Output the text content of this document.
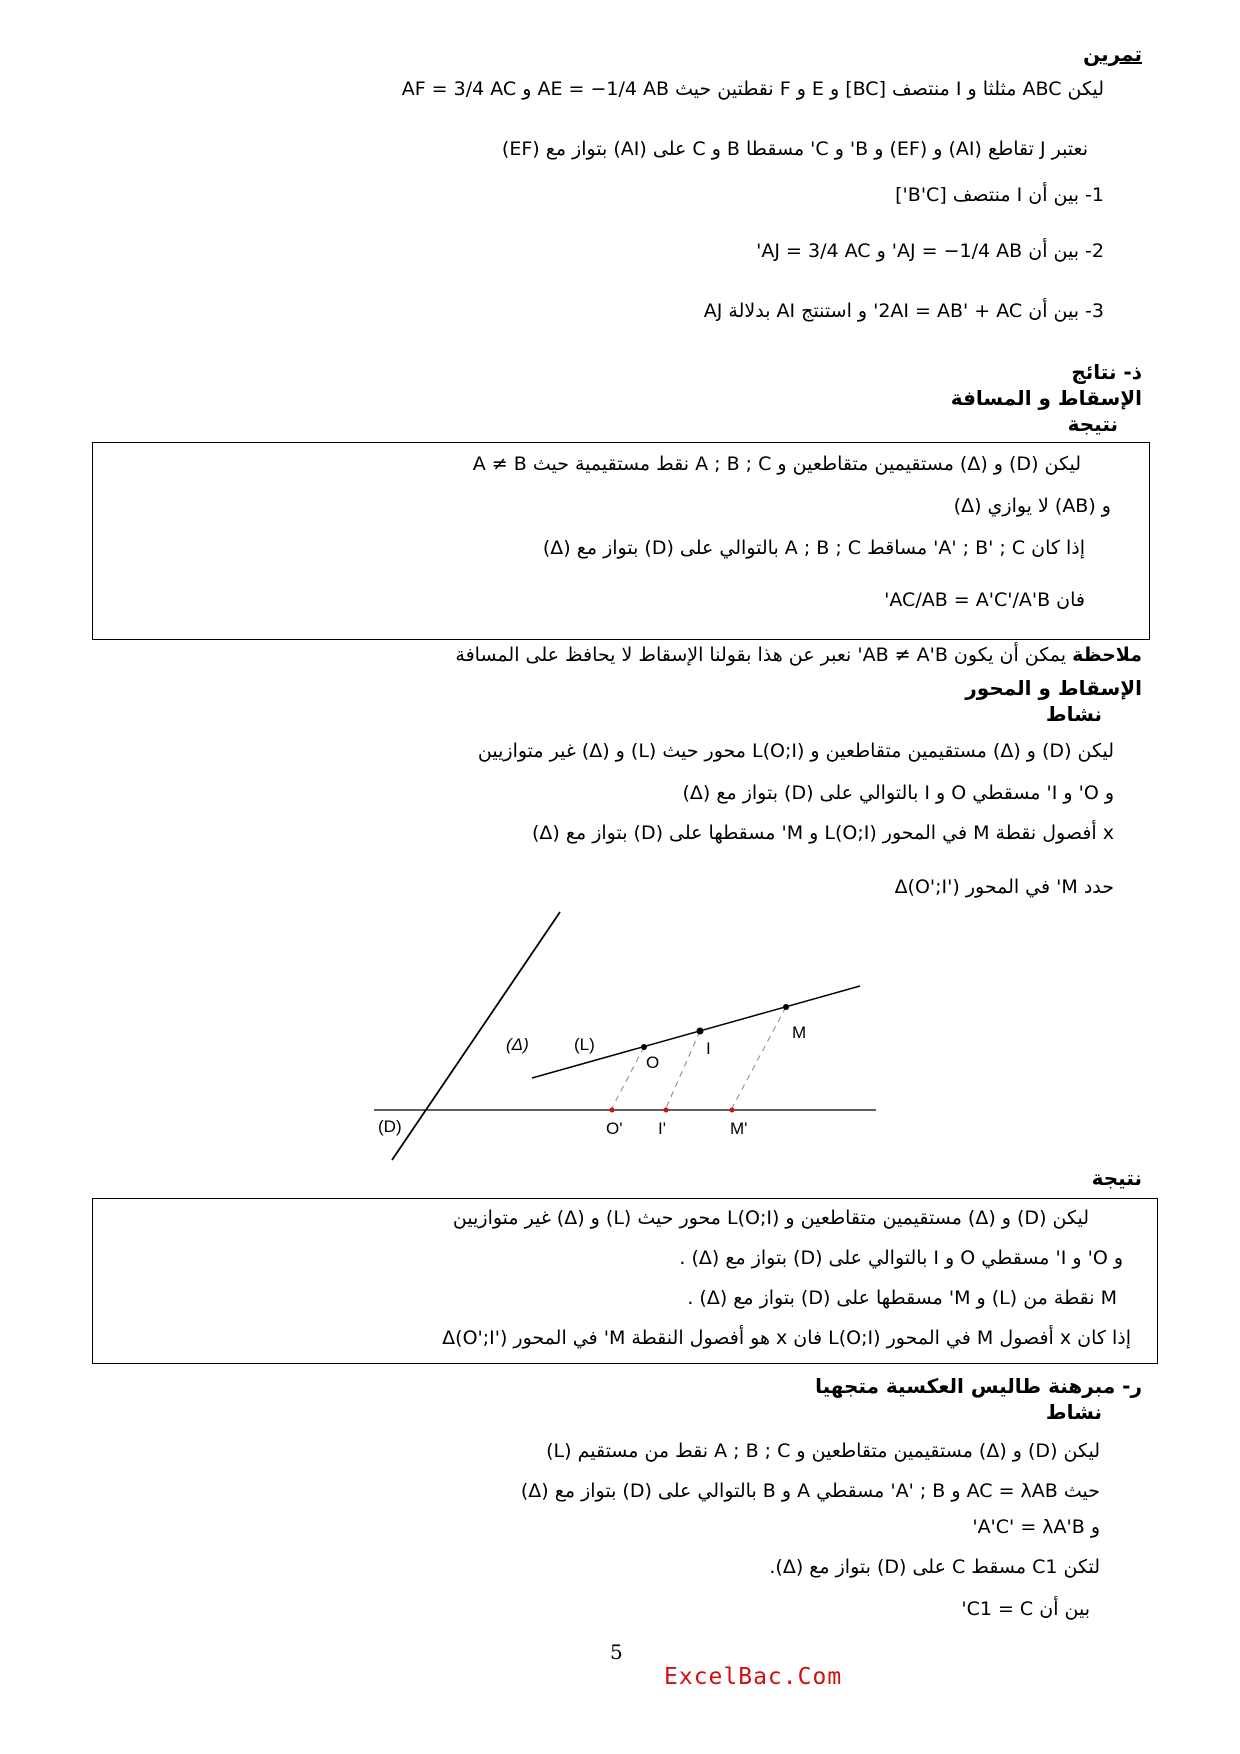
تمرين
ليكن ABC مثلثا و I منتصف [BC] و E و F نقطتين حيث AE = −1/4 AB و AF = 3/4 AC
نعتبر J تقاطع (AI) و (EF) و B' و C' مسقطا B و C على (AI) بتواز مع (EF)
1- بين أن I منتصف [B'C']
2- بين أن AJ = −1/4 AB' و AJ = 3/4 AC'
3- بين أن 2AI = AB' + AC' و استنتج AI بدلالة AJ
ذ- نتائج
الإسقاط و المسافة
نتيجة
ليكن (D) و (Δ) مستقيمين متقاطعين و A ; B ; C نقط مستقيمية حيث A ≠ B
و (AB) لا يوازي (Δ)
إذا كان A' ; B' ; C' مساقط A ; B ; C بالتوالي على (D) بتواز مع (Δ)
فان AC/AB = A'C'/A'B'
ملاحظة يمكن أن يكون AB ≠ A'B' نعبر عن هذا بقولنا الإسقاط لا يحافظ على المسافة
الإسقاط و المحور
نشاط
ليكن (D) و (Δ) مستقيمين متقاطعين و L(O;I) محور حيث (L) و (Δ) غير متوازيين
و O' و I' مسقطي O و I بالتوالي على (D) بتواز مع (Δ)
x أفصول نقطة M في المحور L(O;I) و M' مسقطها على (D) بتواز مع (Δ)
حدد M' في المحور Δ(O';I')
(Δ)	(L)
(D)
O
I
M
O' I'	M'
نتيجة
ليكن (D) و (Δ) مستقيمين متقاطعين و L(O;I) محور حيث (L) و (Δ) غير متوازيين
و O' و I' مسقطي O و I بالتوالي على (D) بتواز مع (Δ) .
M نقطة من (L) و M' مسقطها على (D) بتواز مع (Δ) .
إذا كان x أفصول M في المحور L(O;I) فان x هو أفصول النقطة M' في المحور Δ(O';I')
ر- مبرهنة طاليس العكسية متجهيا
نشاط
ليكن (D) و (Δ) مستقيمين متقاطعين و A ; B ; C نقط من مستقيم (L)
حيث AC = λAB و A' ; B' مسقطي A و B بالتوالي على (D) بتواز مع (Δ)
و A'C' = λA'B'
لتكن C1 مسقط C على (D) بتواز مع (Δ).
بين أن C1 = C'
5
ExcelBac.Com
